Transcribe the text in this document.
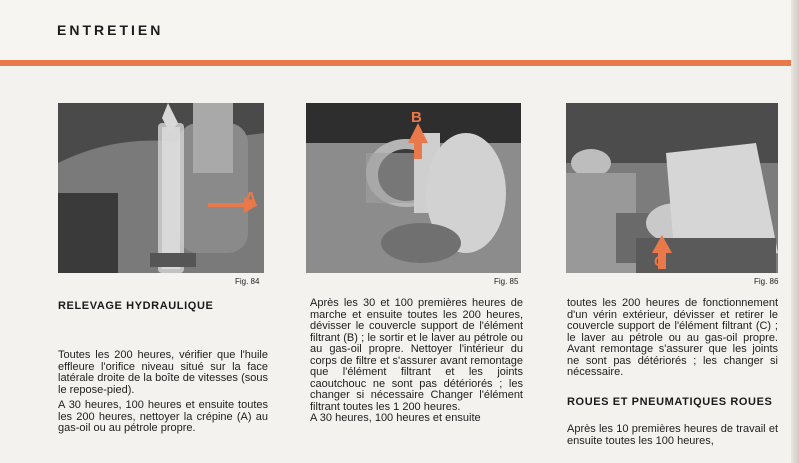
ENTRETIEN
A
Fig. 84
B
Fig. 85
C
Fig. 86
RELEVAGE HYDRAULIQUE

Toutes les 200 heures, vérifier que l'huile effleure l'orifice niveau situé sur la face latérale droite de la boîte de vitesses (sous le repose-pied).

A 30 heures, 100 heures et ensuite toutes les 200 heures, nettoyer la crépine (A) au gas-oil ou au pétrole propre.

Après les 30 et 100 premières heures de marche et ensuite toutes les 200 heures, dévisser le couvercle support de l'élément filtrant (B) ; le sortir et le laver au pétrole ou au gas-oil propre. Nettoyer l'intérieur du corps de filtre et s'assurer avant remontage que l'élément filtrant et les joints caoutchouc ne sont pas détériorés ; les changer si nécessaire Changer l'élément filtrant toutes les 1 200 heures.

A 30 heures, 100 heures et ensuite

toutes les 200 heures de fonctionnement d'un vérin extérieur, dévisser et retirer le couvercle support de l'élément filtrant (C) ; le laver au pétrole ou au gas-oil propre. Avant remontage s'assurer que les joints ne sont pas détériorés ; les changer si nécessaire.

ROUES ET PNEUMATIQUES ROUES

Après les 10 premières heures de travail et ensuite toutes les 100 heures,
